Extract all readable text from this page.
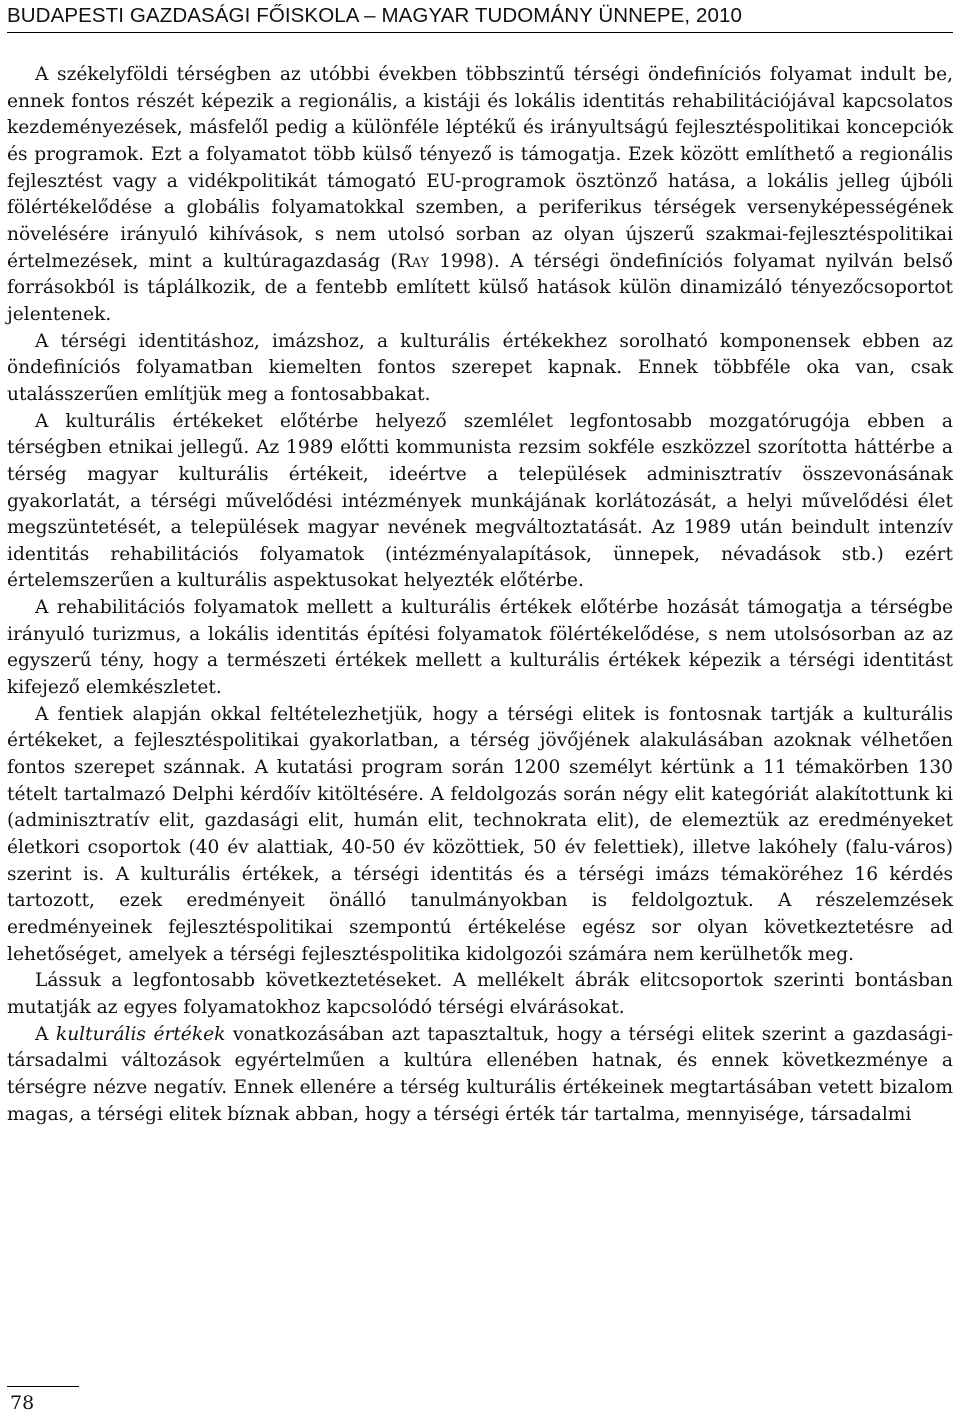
BUDAPESTI GAZDASÁGI FŐISKOLA – MAGYAR TUDOMÁNY ÜNNEPE, 2010

A székelyföldi térségben az utóbbi években többszintű térségi öndefiníciós folyamat indult be, ennek fontos részét képezik a regionális, a kistáji és lokális identitás rehabilitációjával kapcsolatos kezdeményezések, másfelől pedig a különféle léptékű és irányultságú fejlesztéspolitikai koncepciók és programok. Ezt a folyamatot több külső tényező is támogatja. Ezek között említhető a regionális fejlesztést vagy a vidékpolitikát támogató EU-programok ösztönző hatása, a lokális jelleg újbóli fölértékelődése a globális folyamatokkal szemben, a periferikus térségek versenyképességének növelésére irányuló kihívások, s nem utolsó sorban az olyan újszerű szakmai-fejlesztéspolitikai értelmezések, mint a kultúragazdaság (Ray 1998). A térségi öndefiníciós folyamat nyilván belső forrásokból is táplálkozik, de a fentebb említett külső hatások külön dinamizáló tényezőcsoportot jelentenek.

A térségi identitáshoz, imázshoz, a kulturális értékekhez sorolható komponensek ebben az öndefiníciós folyamatban kiemelten fontos szerepet kapnak. Ennek többféle oka van, csak utalásszerűen említjük meg a fontosabbakat.

A kulturális értékeket előtérbe helyező szemlélet legfontosabb mozgatórugója ebben a térségben etnikai jellegű. Az 1989 előtti kommunista rezsim sokféle eszközzel szorította háttérbe a térség magyar kulturális értékeit, ideértve a települések adminisztratív összevonásának gyakorlatát, a térségi művelődési intézmények munkájának korlátozását, a helyi művelődési élet megszüntetését, a települések magyar nevének megváltoztatását. Az 1989 után beindult intenzív identitás rehabilitációs folyamatok (intézményalapítások, ünnepek, névadások stb.) ezért értelemszerűen a kulturális aspektusokat helyezték előtérbe.

A rehabilitációs folyamatok mellett a kulturális értékek előtérbe hozását támogatja a térségbe irányuló turizmus, a lokális identitás építési folyamatok fölértékelődése, s nem utolsósorban az az egyszerű tény, hogy a természeti értékek mellett a kulturális értékek képezik a térségi identitást kifejező elemkészletet.

A fentiek alapján okkal feltételezhetjük, hogy a térségi elitek is fontosnak tartják a kulturális értékeket, a fejlesztéspolitikai gyakorlatban, a térség jövőjének alakulásában azoknak vélhetően fontos szerepet szánnak. A kutatási program során 1200 személyt kértünk a 11 témakörben 130 tételt tartalmazó Delphi kérdőív kitöltésére. A feldolgozás során négy elit kategóriát alakítottunk ki (adminisztratív elit, gazdasági elit, humán elit, technokrata elit), de elemeztük az eredményeket életkori csoportok (40 év alattiak, 40-50 év közöttiek, 50 év felettiek), illetve lakóhely (falu-város) szerint is. A kulturális értékek, a térségi identitás és a térségi imázs témaköréhez 16 kérdés tartozott, ezek eredményeit önálló tanulmányokban is feldolgoztuk. A részelemzések eredményeinek fejlesztéspolitikai szempontú értékelése egész sor olyan következtetésre ad lehetőséget, amelyek a térségi fejlesztéspolitika kidolgozói számára nem kerülhetők meg.

Lássuk a legfontosabb következtetéseket. A mellékelt ábrák elitcsoportok szerinti bontásban mutatják az egyes folyamatokhoz kapcsolódó térségi elvárásokat.

A kulturális értékek vonatkozásában azt tapasztaltuk, hogy a térségi elitek szerint a gazdasági-társadalmi változások egyértelműen a kultúra ellenében hatnak, és ennek következménye a térségre nézve negatív. Ennek ellenére a térség kulturális értékeinek megtartásában vetett bizalom magas, a térségi elitek bíznak abban, hogy a térségi érték tár tartalma, mennyisége, társadalmi

78
